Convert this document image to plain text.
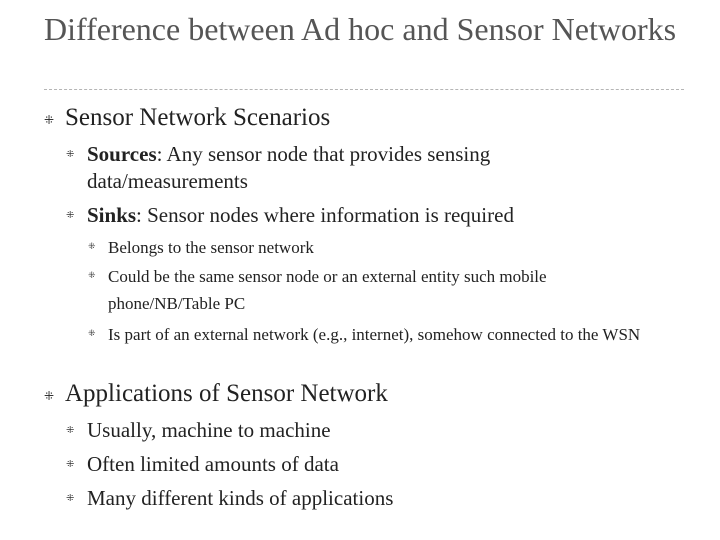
Difference between Ad hoc and Sensor Networks
⁜ Sensor Network Scenarios

⁜ Sources: Any sensor node that provides sensing data/measurements

⁜ Sinks: Sensor nodes where information is required

⁜ Belongs to the sensor network

⁜ Could be the same sensor node or an external entity such mobile phone/NB/Table PC

⁜ Is part of an external network (e.g., internet), somehow connected to the WSN

⁜ Applications of Sensor Network

⁜ Usually, machine to machine

⁜ Often limited amounts of data

⁜ Many different kinds of applications
